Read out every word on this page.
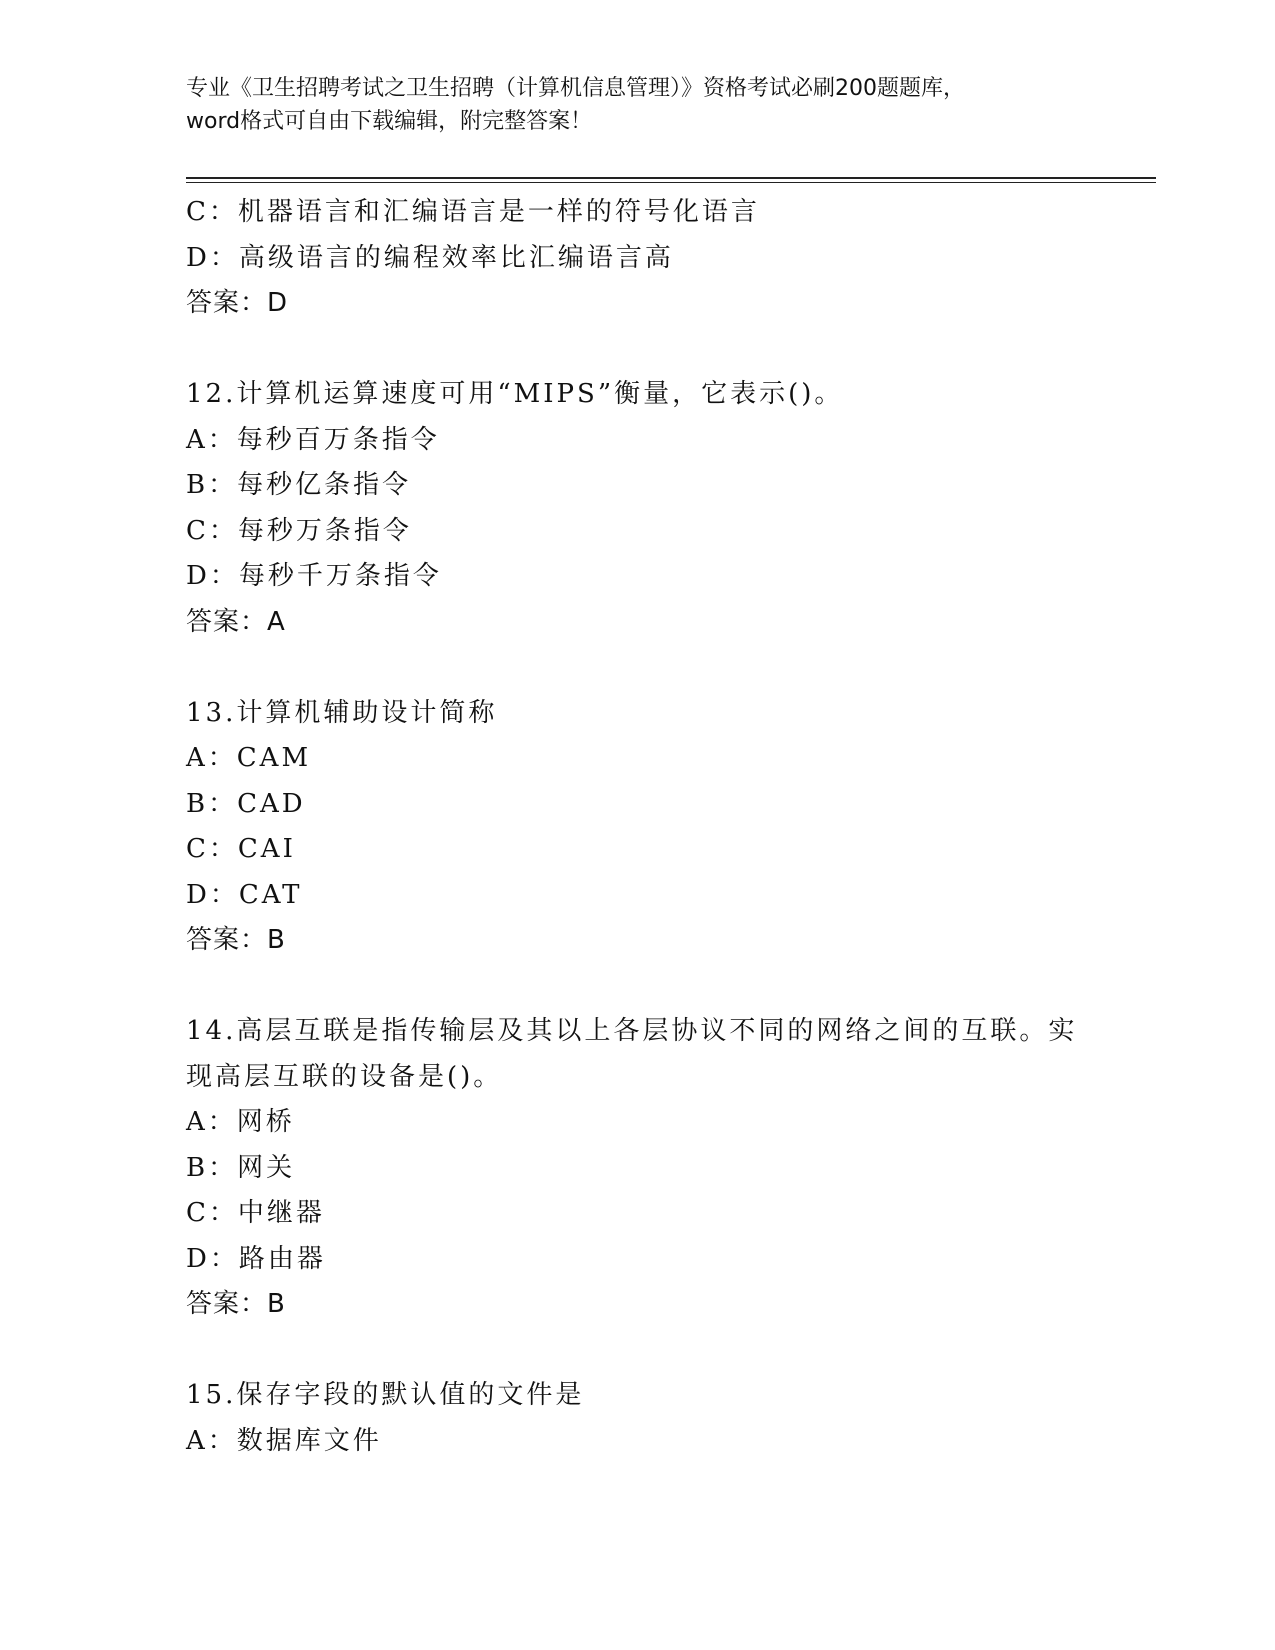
专业《卫生招聘考试之卫生招聘（计算机信息管理）》资格考试必刷200题题库，
word格式可自由下载编辑，附完整答案！
C：机器语言和汇编语言是一样的符号化语言
D：高级语言的编程效率比汇编语言高
答案：D
12.计算机运算速度可用“MIPS”衡量，它表示()。
A：每秒百万条指令
B：每秒亿条指令
C：每秒万条指令
D：每秒千万条指令
答案：A
13.计算机辅助设计简称
A：CAM
B：CAD
C：CAI
D：CAT
答案：B
14.高层互联是指传输层及其以上各层协议不同的网络之间的互联。实
现高层互联的设备是()。
A：网桥
B：网关
C：中继器
D：路由器
答案：B
15.保存字段的默认值的文件是
A：数据库文件
